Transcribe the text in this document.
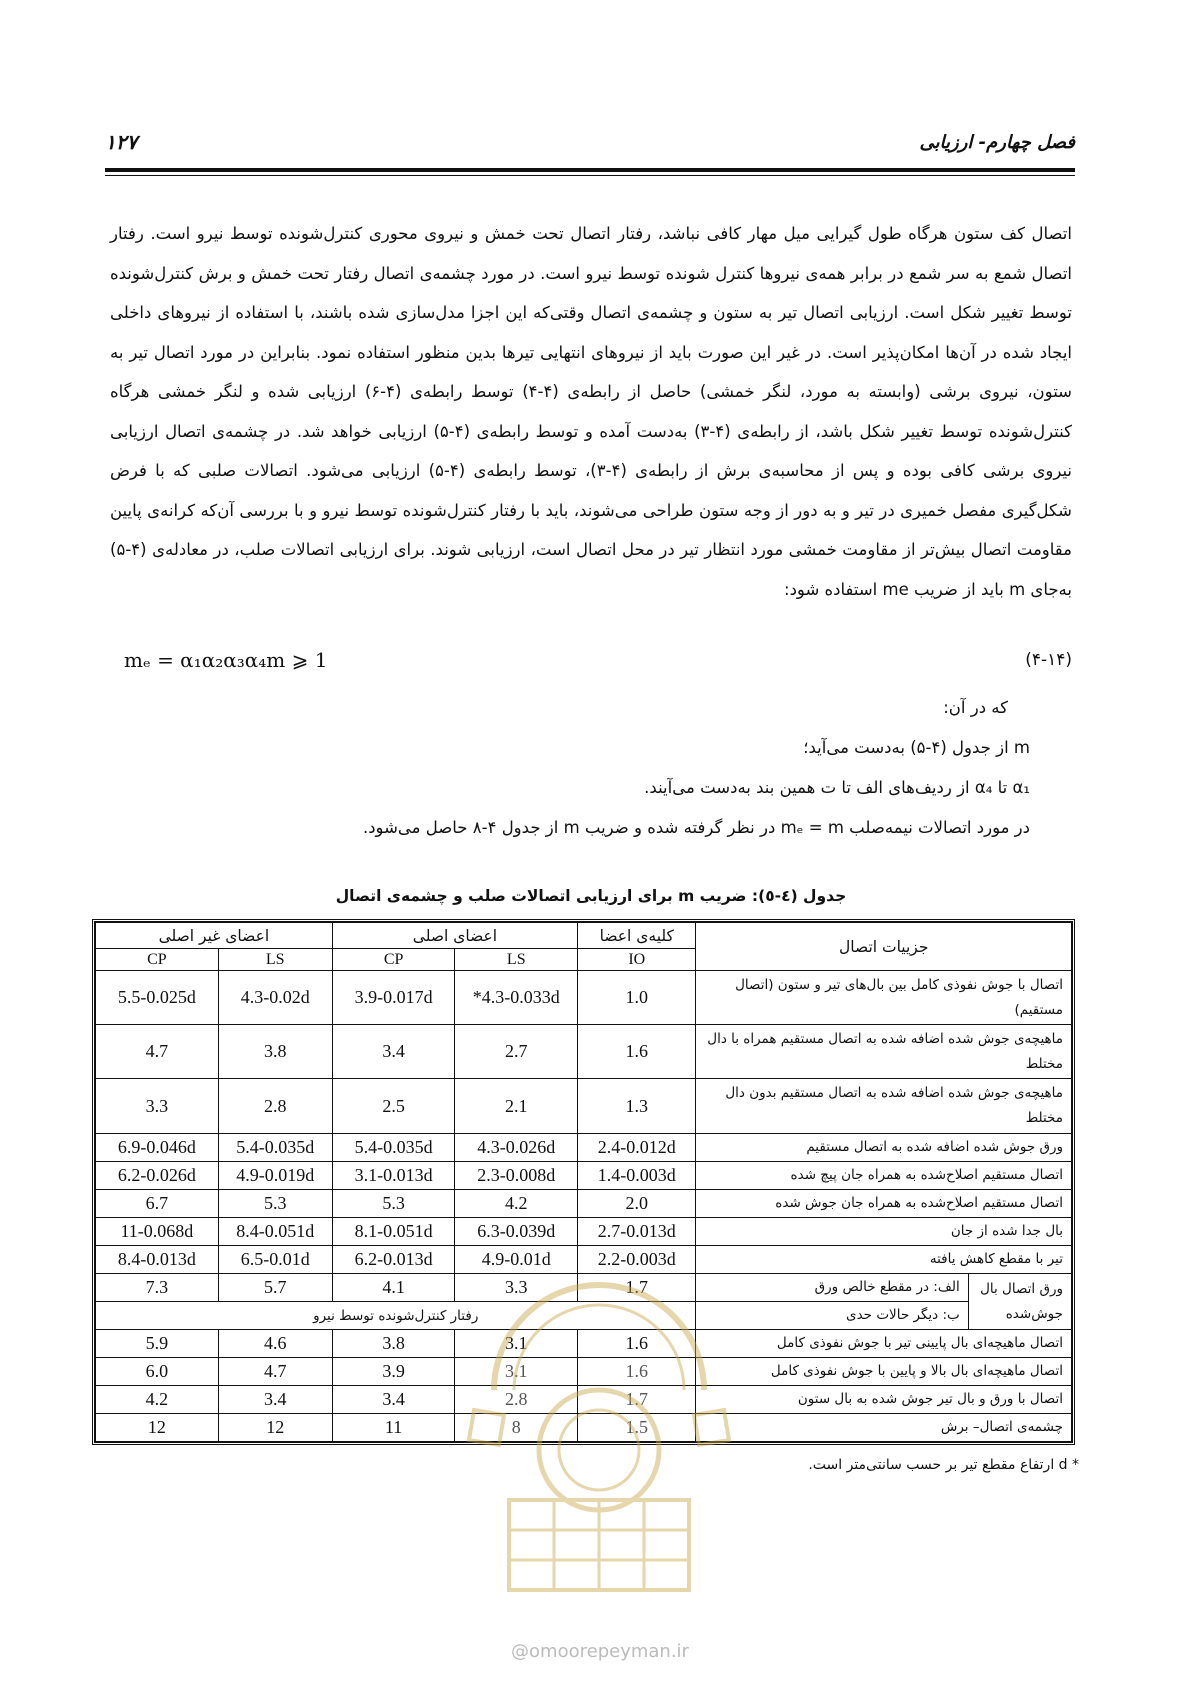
فصل چهارم- ارزیابی
۱۲۷

اتصال کف ستون هرگاه طول گیرایی میل مهار کافی نباشد، رفتار اتصال تحت خمش و نیروی محوری کنترل‌شونده توسط نیرو است. رفتار اتصال شمع به سر شمع در برابر همه‌ی نیروها کنترل شونده توسط نیرو است. در مورد چشمه‌ی اتصال رفتار تحت خمش و برش کنترل‌شونده توسط تغییر شکل است. ارزیابی اتصال تیر به ستون و چشمه‌ی اتصال وقتی‌که این اجزا مدل‌سازی شده باشند، با استفاده از نیروهای داخلی ایجاد شده در آن‌ها امکان‌پذیر است. در غیر این صورت باید از نیروهای انتهایی تیرها بدین منظور استفاده نمود. بنابراین در مورد اتصال تیر به ستون، نیروی برشی (وابسته به مورد، لنگر خمشی) حاصل از رابطه‌ی (۴-۴) توسط رابطه‌ی (۴-۶) ارزیابی شده و لنگر خمشی هرگاه کنترل‌شونده توسط تغییر شکل باشد، از رابطه‌ی (۴-۳) به‌دست آمده و توسط رابطه‌ی (۴-۵) ارزیابی خواهد شد. در چشمه‌ی اتصال ارزیابی نیروی برشی کافی بوده و پس از محاسبه‌ی برش از رابطه‌ی (۴-۳)، توسط رابطه‌ی (۴-۵) ارزیابی می‌شود. اتصالات صلبی که با فرض شکل‌گیری مفصل خمیری در تیر و به دور از وجه ستون طراحی می‌شوند، باید با رفتار کنترل‌شونده توسط نیرو و با بررسی آن‌که کرانه‌ی پایین مقاومت اتصال بیش‌تر از مقاومت خمشی مورد انتظار تیر در محل اتصال است، ارزیابی شوند. برای ارزیابی اتصالات صلب، در معادله‌ی (۴-۵) به‌جای m باید از ضریب me استفاده شود:

mₑ = α₁α₂α₃α₄m ⩾ 1	(۴-۱۴)
که در آن:
m از جدول (۴-۵) به‌دست می‌آید؛
α₁ تا α₄ از ردیف‌های الف تا ت همین بند به‌دست می‌آیند.
در مورد اتصالات نیمه‌صلب mₑ = m در نظر گرفته شده و ضریب m از جدول ۴-۸ حاصل می‌شود.
جدول (٤-٥): ضریب m برای ارزیابی اتصالات صلب و چشمه‌ی اتصال
جزییات اتصال		کلیه‌ی اعضا	اعضای اصلی		اعضای غیر اصلی	
		IO	LS	CP	LS	CP
اتصال با جوش نفوذی کامل بین بال‌های تیر و ستون (اتصال مستقیم)		1.0	4.3-0.033d*	3.9-0.017d	4.3-0.02d	5.5-0.025d
ماهیچه‌ی جوش شده اضافه شده به اتصال مستقیم همراه با دال مختلط		1.6	2.7	3.4	3.8	4.7
ماهیچه‌ی جوش شده اضافه شده به اتصال مستقیم بدون دال مختلط		1.3	2.1	2.5	2.8	3.3
ورق جوش شده اضافه شده به اتصال مستقیم		2.4-0.012d	4.3-0.026d	5.4-0.035d	5.4-0.035d	6.9-0.046d
اتصال مستقیم اصلاح‌شده به همراه جان پیچ شده		1.4-0.003d	2.3-0.008d	3.1-0.013d	4.9-0.019d	6.2-0.026d
اتصال مستقیم اصلاح‌شده به همراه جان جوش شده		2.0	4.2	5.3	5.3	6.7
بال جدا شده از جان		2.7-0.013d	6.3-0.039d	8.1-0.051d	8.4-0.051d	11-0.068d
تیر با مقطع کاهش یافته		2.2-0.003d	4.9-0.01d	6.2-0.013d	6.5-0.01d	8.4-0.013d
ورق اتصال بال جوش‌شده	الف: در مقطع خالص ورق	1.7	3.3	4.1	5.7	7.3
	ب: دیگر حالات حدی	رفتار کنترل‌شونده توسط نیرو				
اتصال ماهیچه‌ای بال پایینی تیر با جوش نفوذی کامل		1.6	3.1	3.8	4.6	5.9
اتصال ماهیچه‌ای بال بالا و پایین با جوش نفوذی کامل		1.6	3.1	3.9	4.7	6.0
اتصال با ورق و بال تیر جوش شده به بال ستون		1.7	2.8	3.4	3.4	4.2
چشمه‌ی اتصال– برش		1.5	8	11	12	12
* d ارتفاع مقطع تیر بر حسب سانتی‌متر است.
@omoorepeyman.ir
